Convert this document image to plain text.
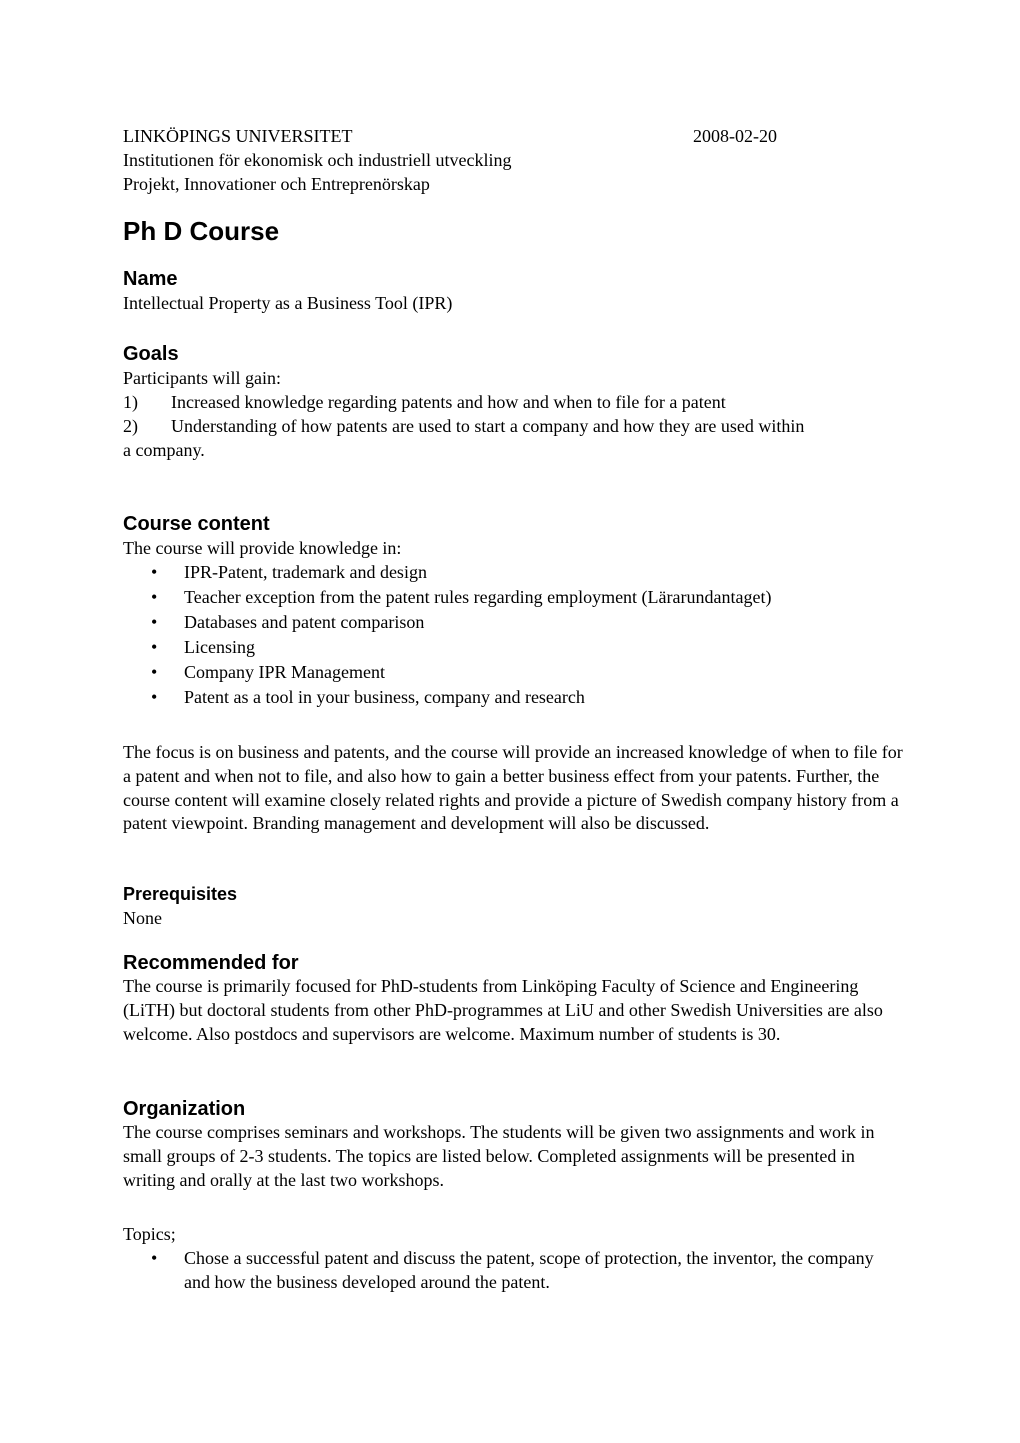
LINKÖPINGS UNIVERSITET	2008-02-20
Institutionen för ekonomisk och industriell utveckling
Projekt, Innovationer och Entreprenörskap
Ph D Course
Name

Intellectual Property as a Business Tool (IPR)

Goals

Participants will gain:

1)	Increased knowledge regarding patents and how and when to file for a patent
2)	Understanding of how patents are used to start a company and how they are used within

a company.

Course content

The course will provide knowledge in:

•	IPR-Patent, trademark and design
•	Teacher exception from the patent rules regarding employment (Lärarundantaget)
•	Databases and patent comparison
•	Licensing
•	Company IPR Management
•	Patent as a tool in your business, company and research

The focus is on business and patents, and the course will provide an increased knowledge of when to file for a patent and when not to file, and also how to gain a better business effect from your patents. Further, the course content will examine closely related rights and provide a picture of Swedish company history from a patent viewpoint. Branding management and development will also be discussed.

Prerequisites

None

Recommended for

The course is primarily focused for PhD-students from Linköping Faculty of Science and Engineering (LiTH) but doctoral students from other PhD-programmes at LiU and other Swedish Universities are also welcome. Also postdocs and supervisors are welcome. Maximum number of students is 30.

Organization

The course comprises seminars and workshops. The students will be given two assignments and work in small groups of 2-3 students. The topics are listed below. Completed assignments will be presented in writing and orally at the last two workshops.

Topics;

•	Chose a successful patent and discuss the patent, scope of protection, the inventor, the company and how the business developed around the patent.
